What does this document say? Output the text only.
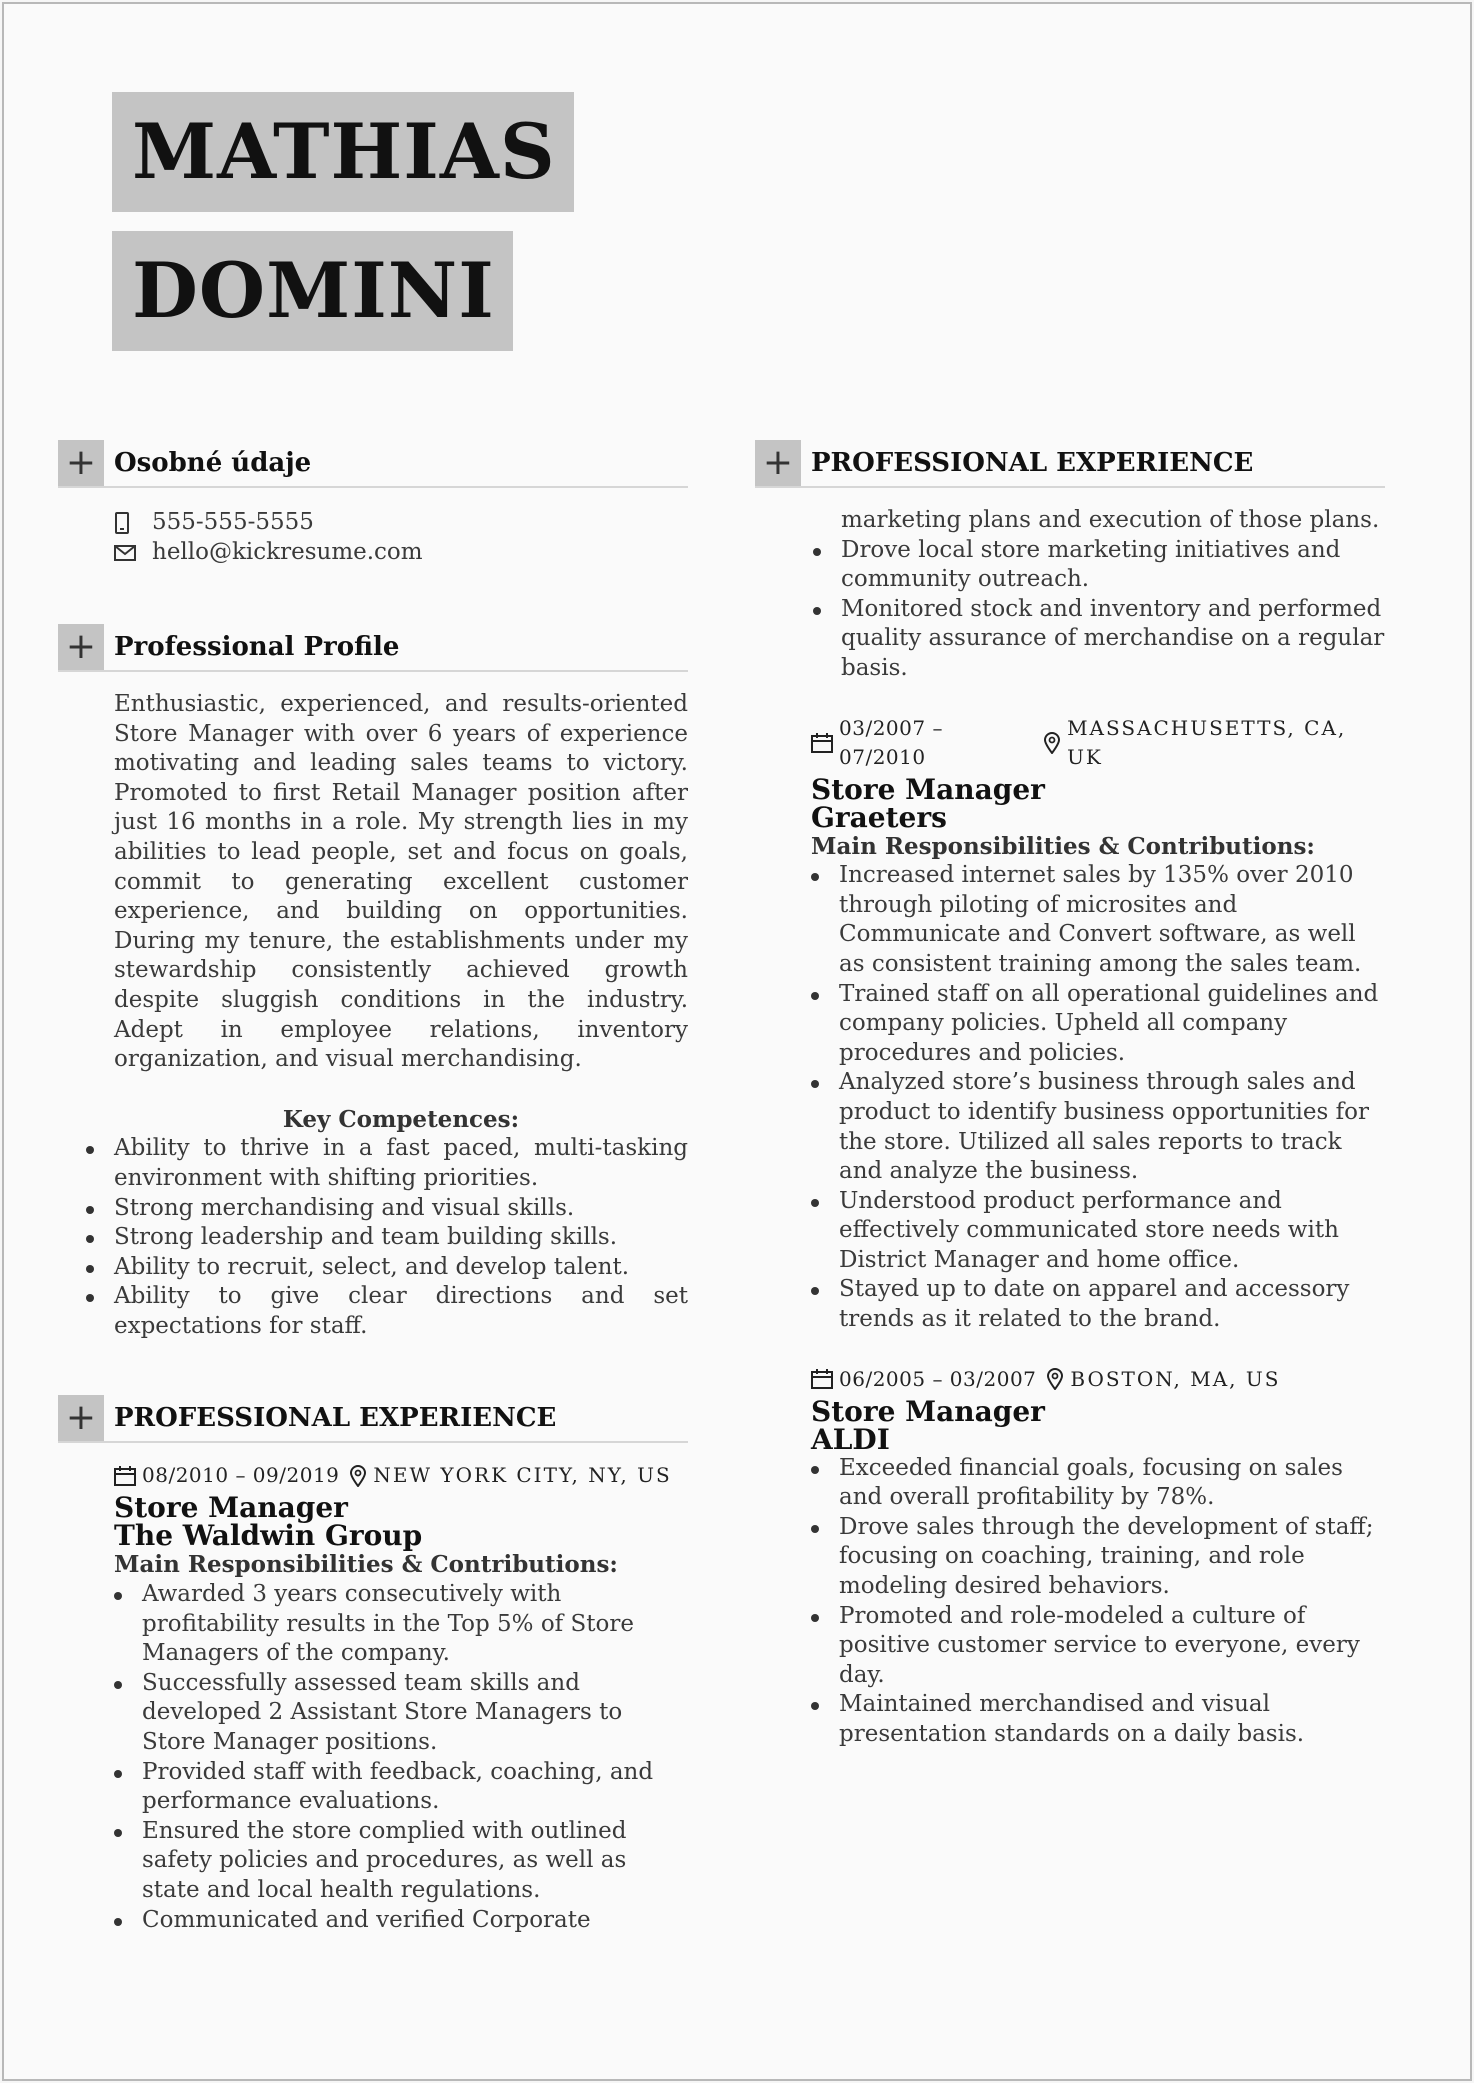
MATHIAS
DOMINI
+ Osobné údaje
555-555-5555
hello@kickresume.com
+ Professional Profile
Enthusiastic, experienced, and results-oriented Store Manager with over 6 years of experience motivating and leading sales teams to victory. Promoted to first Retail Manager position after just 16 months in a role. My strength lies in my abilities to lead people, set and focus on goals, commit to generating excellent customer experience, and building on opportunities. During my tenure, the establishments under my stewardship consistently achieved growth despite sluggish conditions in the industry. Adept in employee relations, inventory organization, and visual merchandising.
Key Competences:
Ability to thrive in a fast paced, multi-tasking environment with shifting priorities.
Strong merchandising and visual skills.
Strong leadership and team building skills.
Ability to recruit, select, and develop talent.
Ability to give clear directions and set expectations for staff.
+ PROFESSIONAL EXPERIENCE
08/2010 – 09/2019 NEW YORK CITY, NY, US
Store Manager
The Waldwin Group
Main Responsibilities & Contributions:
Awarded 3 years consecutively with profitability results in the Top 5% of Store Managers of the company.
Successfully assessed team skills and developed 2 Assistant Store Managers to Store Manager positions.
Provided staff with feedback, coaching, and performance evaluations.
Ensured the store complied with outlined safety policies and procedures, as well as state and local health regulations.
Communicated and verified Corporate
+ PROFESSIONAL EXPERIENCE
marketing plans and execution of those plans.
Drove local store marketing initiatives and community outreach.
Monitored stock and inventory and performed quality assurance of merchandise on a regular basis.
03/2007 – 07/2010
MASSACHUSETTS, CA, UK
Store Manager
Graeters
Main Responsibilities & Contributions:
Increased internet sales by 135% over 2010 through piloting of microsites and Communicate and Convert software, as well as consistent training among the sales team.
Trained staff on all operational guidelines and company policies. Upheld all company procedures and policies.
Analyzed store’s business through sales and product to identify business opportunities for the store. Utilized all sales reports to track and analyze the business.
Understood product performance and effectively communicated store needs with District Manager and home office.
Stayed up to date on apparel and accessory trends as it related to the brand.
06/2005 – 03/2007 BOSTON, MA, US
Store Manager
ALDI
Exceeded financial goals, focusing on sales and overall profitability by 78%.
Drove sales through the development of staff; focusing on coaching, training, and role modeling desired behaviors.
Promoted and role-modeled a culture of positive customer service to everyone, every day.
Maintained merchandised and visual presentation standards on a daily basis.
